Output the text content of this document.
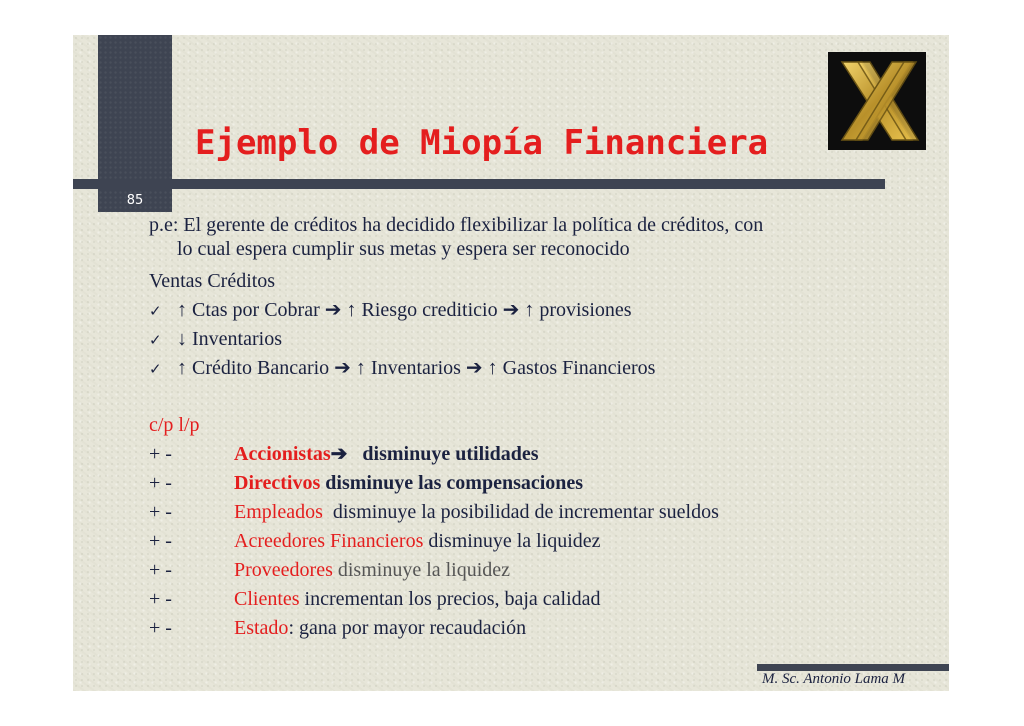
85
Ejemplo de Miopía Financiera
p.e: El gerente de créditos ha decidido flexibilizar la política de créditos, con
lo cual espera cumplir sus metas y espera ser reconocido
Ventas Créditos
✓ ↑ Ctas por Cobrar ➔ ↑ Riesgo crediticio ➔ ↑ provisiones
✓ ↓ Inventarios
✓ ↑ Crédito Bancario ➔ ↑ Inventarios ➔ ↑ Gastos Financieros
c/p l/p
+ -	Accionistas➔   disminuye utilidades
+ -	Directivos disminuye las compensaciones
+ -	Empleados  disminuye la posibilidad de incrementar sueldos
+ -	Acreedores Financieros disminuye la liquidez
+ -	Proveedores disminuye la liquidez
+ -	Clientes incrementan los precios, baja calidad
+ -	Estado: gana por mayor recaudación
M. Sc. Antonio Lama M
